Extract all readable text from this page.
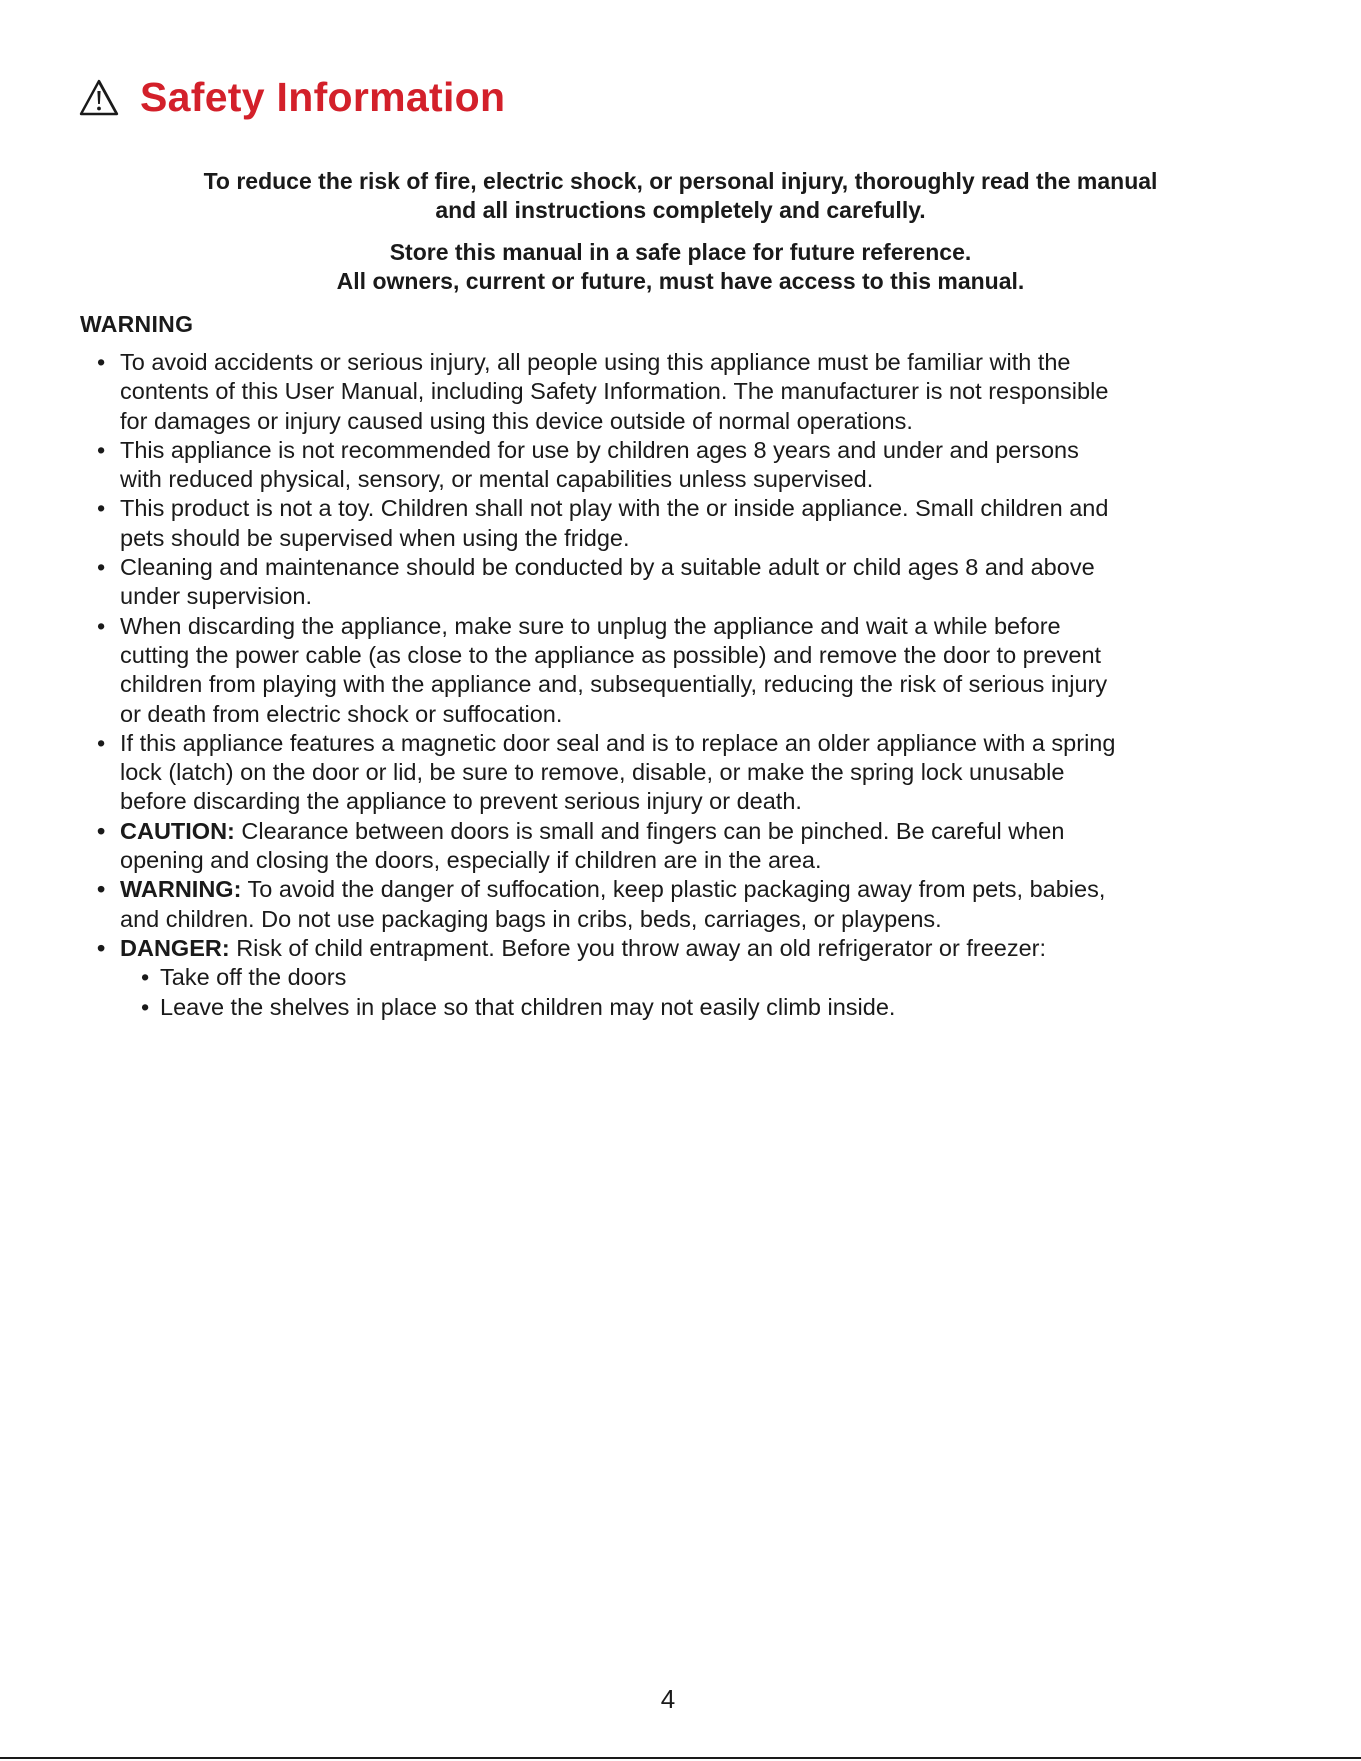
Safety Information

To reduce the risk of fire, electric shock, or personal injury, thoroughly read the manual

and all instructions completely and carefully.

Store this manual in a safe place for future reference.

All owners, current or future, must have access to this manual.

WARNING
• To avoid accidents or serious injury, all people using this appliance must be familiar with the
contents of this User Manual, including Safety Information. The manufacturer is not responsible
for damages or injury caused using this device outside of normal operations.
• This appliance is not recommended for use by children ages 8 years and under and persons
with reduced physical, sensory, or mental capabilities unless supervised.
• This product is not a toy. Children shall not play with the or inside appliance. Small children and
pets should be supervised when using the fridge.
• Cleaning and maintenance should be conducted by a suitable adult or child ages 8 and above
under supervision.
• When discarding the appliance, make sure to unplug the appliance and wait a while before
cutting the power cable (as close to the appliance as possible) and remove the door to prevent
children from playing with the appliance and, subsequentially, reducing the risk of serious injury
or death from electric shock or suffocation.
• If this appliance features a magnetic door seal and is to replace an older appliance with a spring
lock (latch) on the door or lid, be sure to remove, disable, or make the spring lock unusable
before discarding the appliance to prevent serious injury or death.
• CAUTION: Clearance between doors is small and fingers can be pinched. Be careful when
opening and closing the doors, especially if children are in the area.
• WARNING: To avoid the danger of suffocation, keep plastic packaging away from pets, babies,
and children. Do not use packaging bags in cribs, beds, carriages, or playpens.
• DANGER: Risk of child entrapment. Before you throw away an old refrigerator or freezer:
• Take off the doors
• Leave the shelves in place so that children may not easily climb inside.
4
